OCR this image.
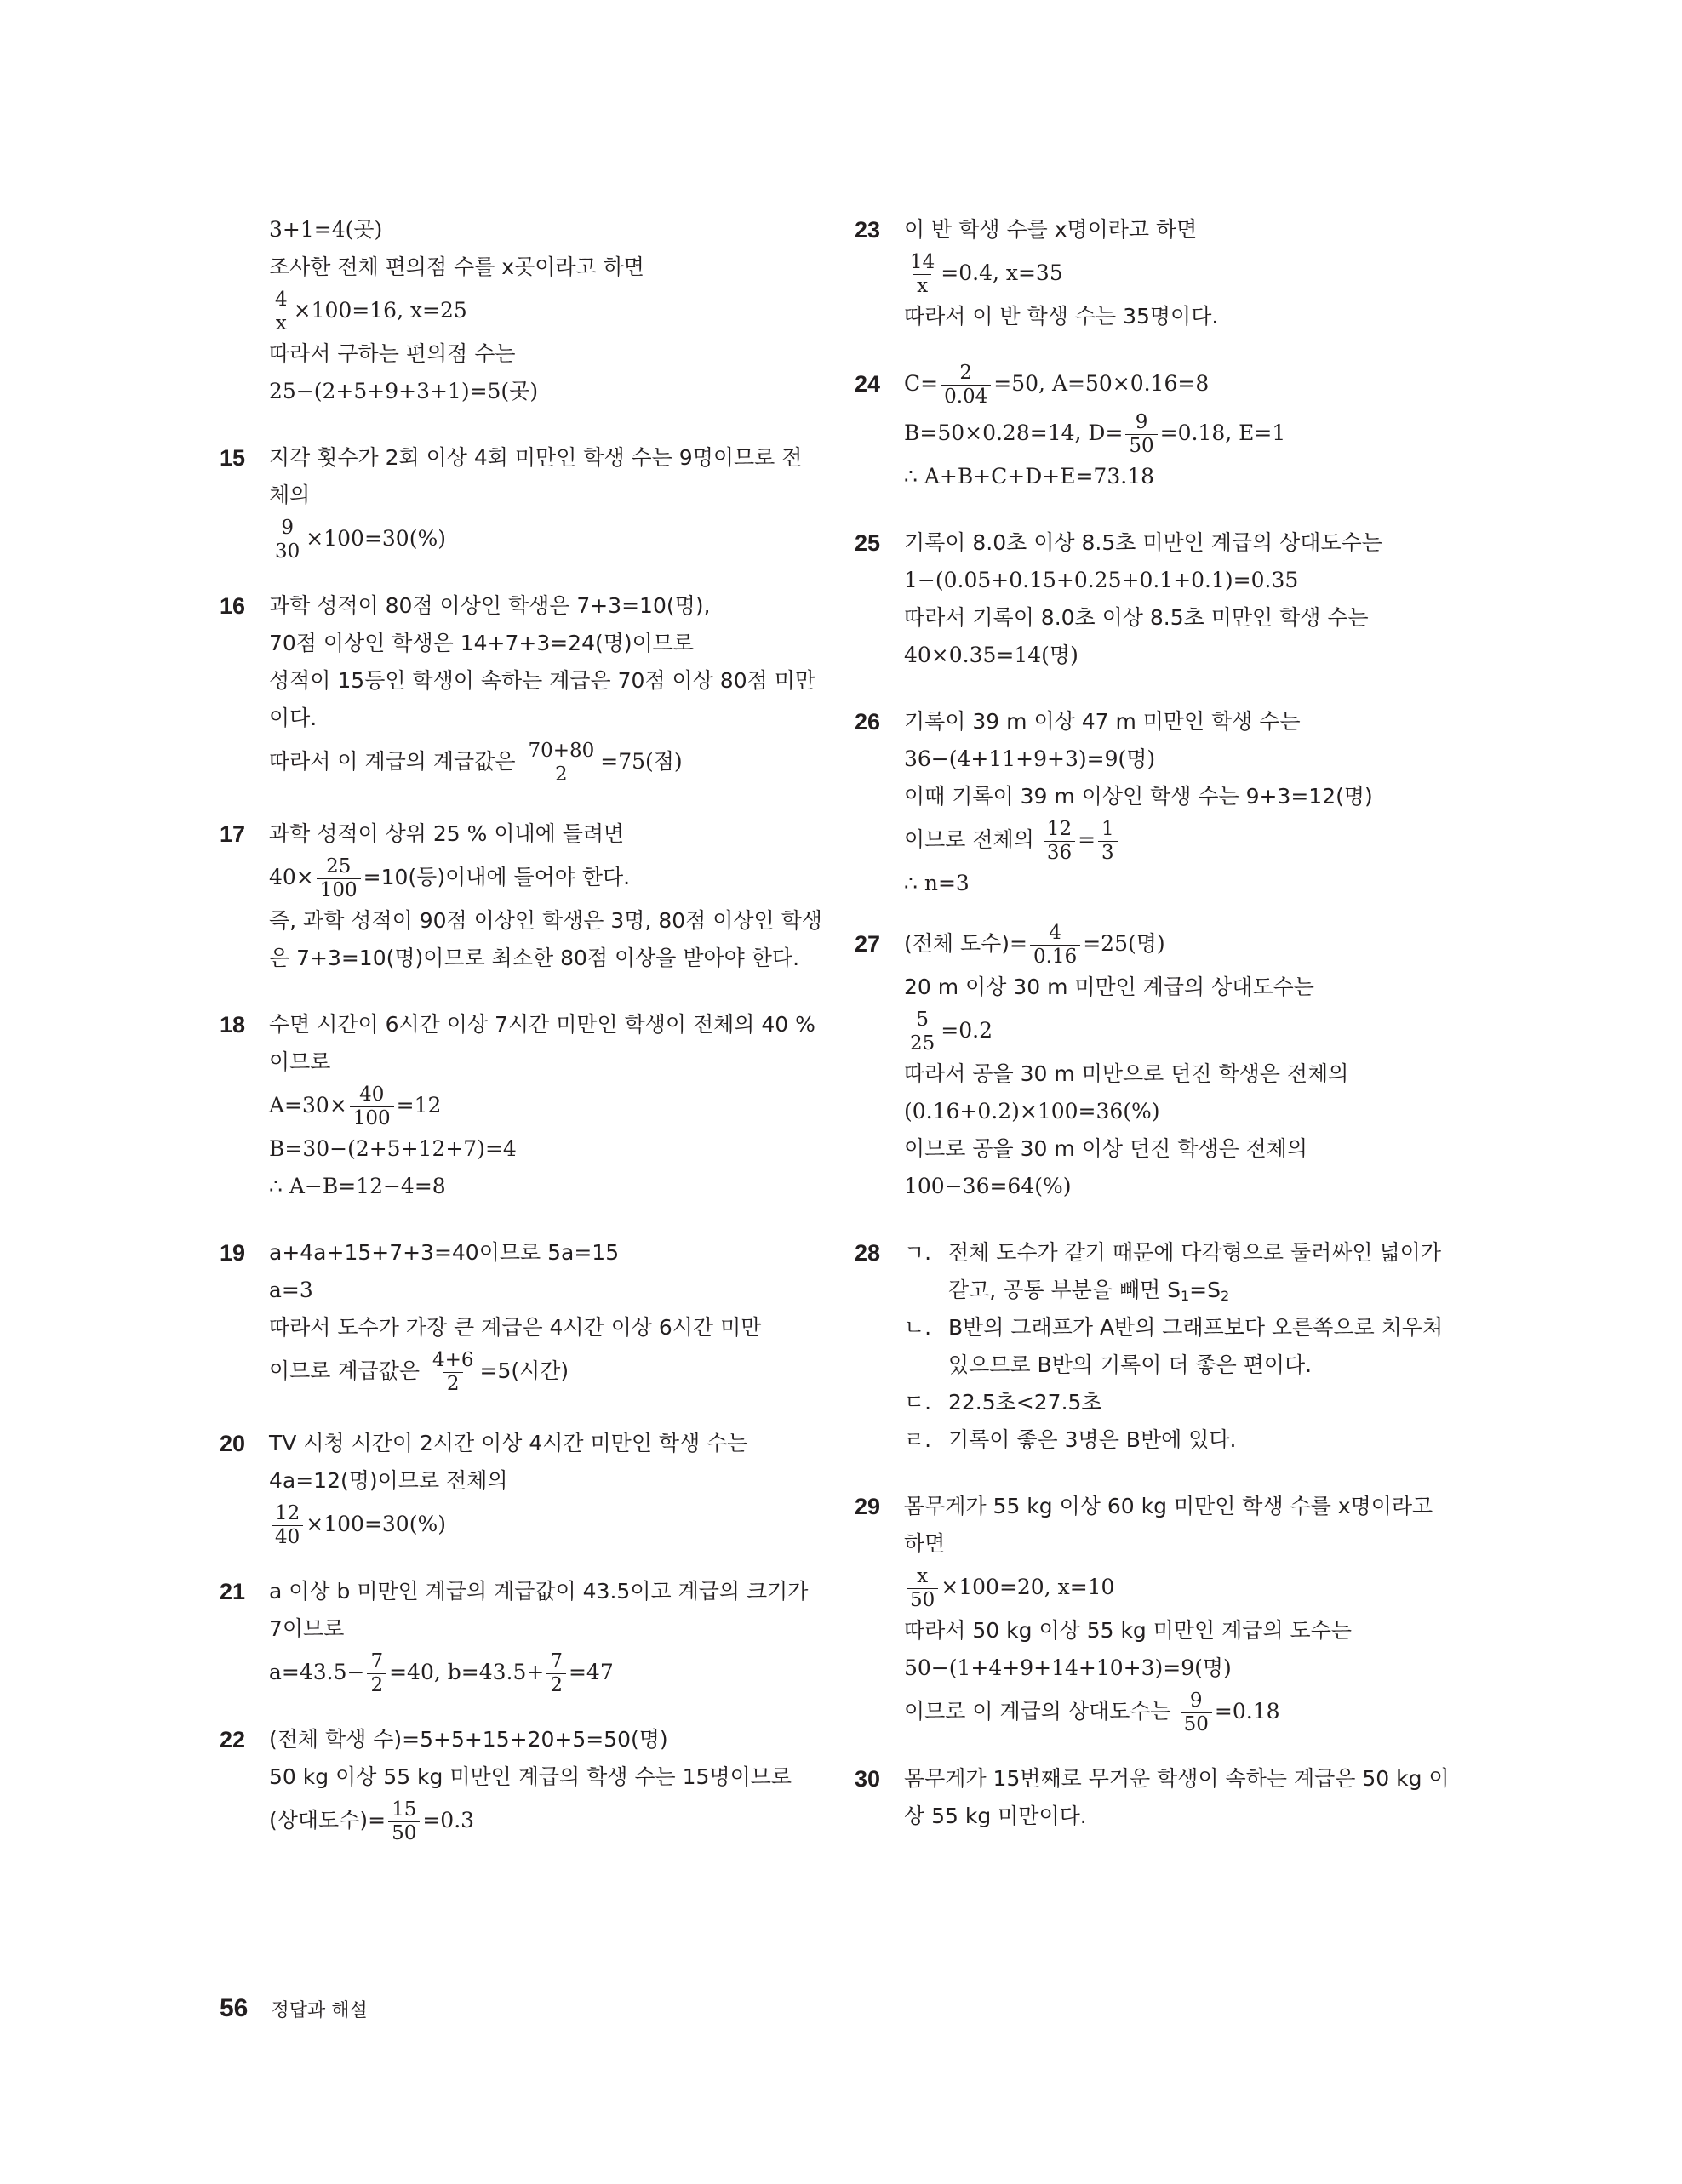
3+1=4(곳)
조사한 전체 편의점 수를 x곳이라고 하면
$\frac{4}{x} \times 100=16$, x=25
따라서 구하는 편의점 수는
25−(2+5+9+3+1)=5(곳)
15 지각 횟수가 2회 이상 4회 미만인 학생 수는 9명이므로 전
체의
$\frac{9}{30} \times 100=30(\%)$
16 과학 성적이 80점 이상인 학생은 7+3=10(명),
70점 이상인 학생은 14+7+3=24(명)이므로
성적이 15등인 학생이 속하는 계급은 70점 이상 80점 미만
이다.
따라서 이 계급의 계급값은 $\frac{70+80}{2} =75$(점)
17 과학 성적이 상위 25 % 이내에 들려면
$40\times \frac{25}{100} =10$(등)이내에 들어야 한다.
즉, 과학 성적이 90점 이상인 학생은 3명, 80점 이상인 학생
은 7+3=10(명)이므로 최소한 80점 이상을 받아야 한다.
18 수면 시간이 6시간 이상 7시간 미만인 학생이 전체의 40 %
이므로
$A=30\times \frac{40}{100} =12$
B=30−(2+5+12+7)=4
∴ A−B=12−4=8
19 a+4a+15+7+3=40이므로 5a=15
a=3
따라서 도수가 가장 큰 계급은 4시간 이상 6시간 미만
이므로 계급값은 $\frac{4+6}{2} =5$(시간)
20 TV 시청 시간이 2시간 이상 4시간 미만인 학생 수는
4a=12(명)이므로 전체의
$\frac{12}{40} \times 100=30(\%)$
21 a 이상 b 미만인 계급의 계급값이 43.5이고 계급의 크기가
7이므로
$a=43.5- \frac{7}{2} =40$, $b=43.5+ \frac{7}{2} =47$
22 (전체 학생 수)=5+5+15+20+5=50(명)
50 kg 이상 55 kg 미만인 계급의 학생 수는 15명이므로
(상대도수)= $\frac{15}{50} =0.3$
23 이 반 학생 수를 x명이라고 하면
$\frac{14}{x} =0.4$, x=35
따라서 이 반 학생 수는 35명이다.
24 $C= \frac{2}{0.04} =50$, A=50×0.16=8
B=50×0.28=14, $D= \frac{9}{50} =0.18$, E=1
∴ A+B+C+D+E=73.18
25 기록이 8.0초 이상 8.5초 미만인 계급의 상대도수는
1−(0.05+0.15+0.25+0.1+0.1)=0.35
따라서 기록이 8.0초 이상 8.5초 미만인 학생 수는
40×0.35=14(명)
26 기록이 39 m 이상 47 m 미만인 학생 수는
36−(4+11+9+3)=9(명)
이때 기록이 39 m 이상인 학생 수는 9+3=12(명)
이므로 전체의 $\frac{12}{36} = \frac{1}{3}$
∴ n=3
27 (전체 도수)= $\frac{4}{0.16} =25$(명)
20 m 이상 30 m 미만인 계급의 상대도수는
$\frac{5}{25} =0.2$
따라서 공을 30 m 미만으로 던진 학생은 전체의
(0.16+0.2)×100=36(%)
이므로 공을 30 m 이상 던진 학생은 전체의
100−36=64(%)
28 ㄱ. 전체 도수가 같기 때문에 다각형으로 둘러싸인 넓이가
같고, 공통 부분을 빼면 $S_1=S_2$
ㄴ. B반의 그래프가 A반의 그래프보다 오른쪽으로 치우쳐
있으므로 B반의 기록이 더 좋은 편이다.
ㄷ. 22.5초<27.5초
ㄹ. 기록이 좋은 3명은 B반에 있다.
29 몸무게가 55 kg 이상 60 kg 미만인 학생 수를 x명이라고
하면
$\frac{x}{50} \times 100=20$, x=10
따라서 50 kg 이상 55 kg 미만인 계급의 도수는
50−(1+4+9+14+10+3)=9(명)
이므로 이 계급의 상대도수는 $\frac{9}{50} =0.18$
30 몸무게가 15번째로 무거운 학생이 속하는 계급은 50 kg 이
상 55 kg 미만이다.
56 정답과 해설
